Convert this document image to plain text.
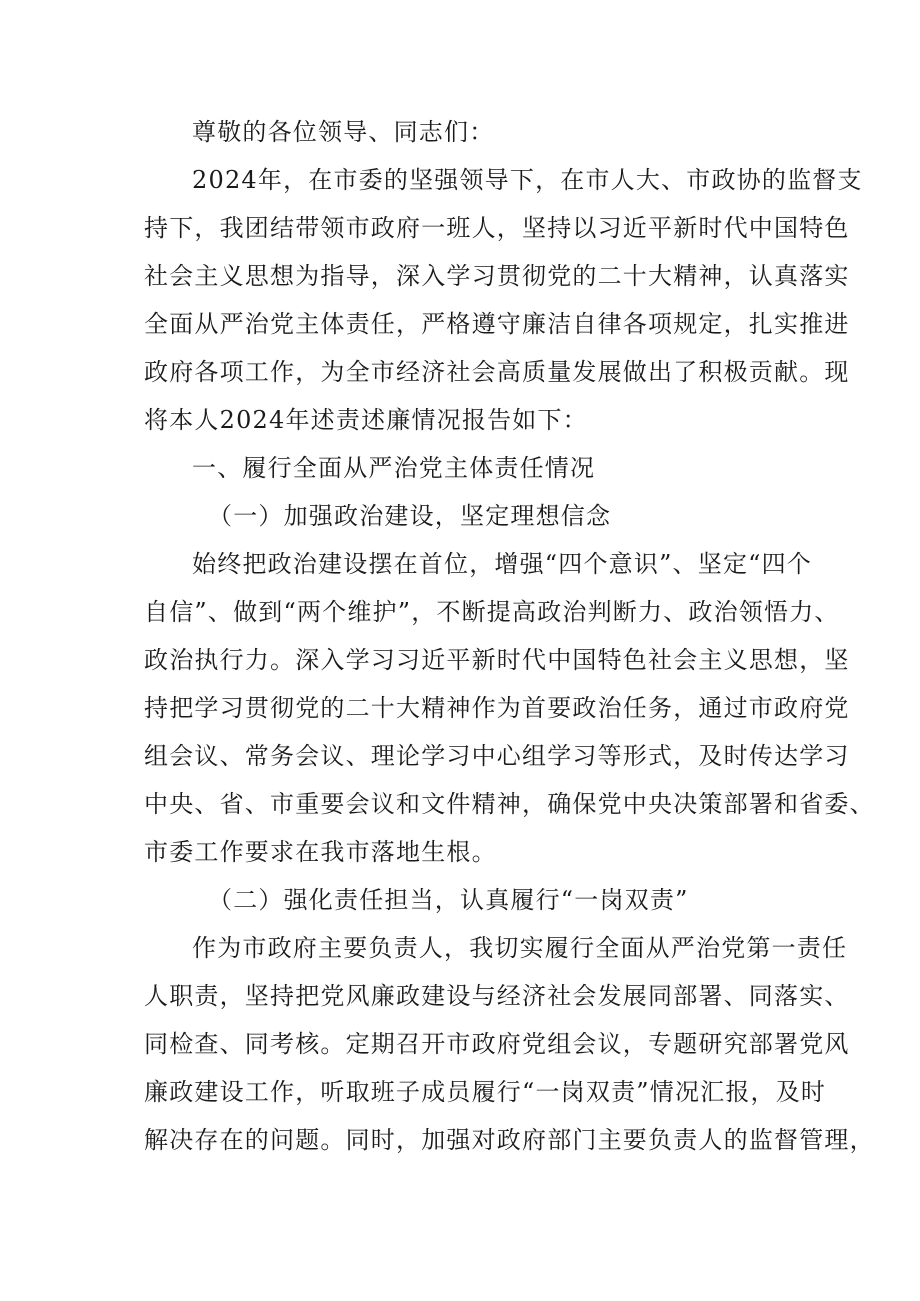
尊敬的各位领导、同志们：
2024年，在市委的坚强领导下，在市人大、市政协的监督支
持下，我团结带领市政府一班人，坚持以习近平新时代中国特色
社会主义思想为指导，深入学习贯彻党的二十大精神，认真落实
全面从严治党主体责任，严格遵守廉洁自律各项规定，扎实推进
政府各项工作，为全市经济社会高质量发展做出了积极贡献。现
将本人2024年述责述廉情况报告如下：
一、履行全面从严治党主体责任情况
（一）加强政治建设，坚定理想信念
始终把政治建设摆在首位，增强“四个意识”、坚定“四个
自信”、做到“两个维护”，不断提高政治判断力、政治领悟力、
政治执行力。深入学习习近平新时代中国特色社会主义思想，坚
持把学习贯彻党的二十大精神作为首要政治任务，通过市政府党
组会议、常务会议、理论学习中心组学习等形式，及时传达学习
中央、省、市重要会议和文件精神，确保党中央决策部署和省委、
市委工作要求在我市落地生根。
（二）强化责任担当，认真履行“一岗双责”
作为市政府主要负责人，我切实履行全面从严治党第一责任
人职责，坚持把党风廉政建设与经济社会发展同部署、同落实、
同检查、同考核。定期召开市政府党组会议，专题研究部署党风
廉政建设工作，听取班子成员履行“一岗双责”情况汇报，及时
解决存在的问题。同时，加强对政府部门主要负责人的监督管理，
